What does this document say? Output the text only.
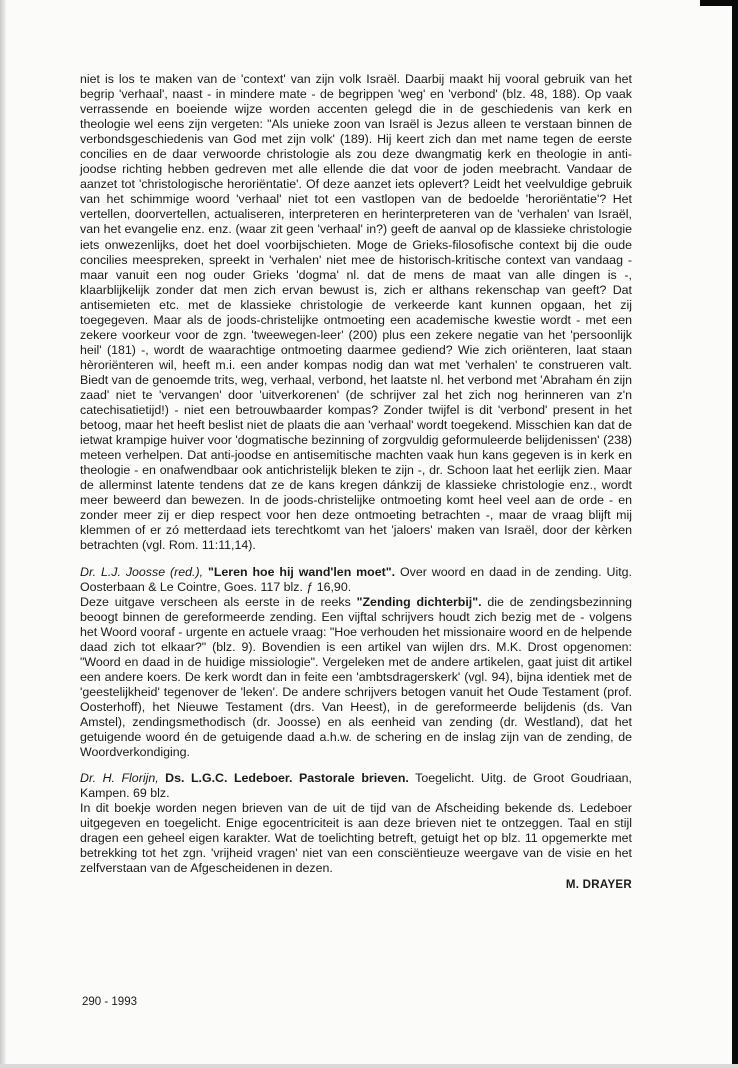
niet is los te maken van de 'context' van zijn volk Israël. Daarbij maakt hij vooral gebruik van het begrip 'verhaal', naast - in mindere mate - de begrippen 'weg' en 'verbond' (blz. 48, 188). Op vaak verrassende en boeiende wijze worden accenten gelegd die in de geschiedenis van kerk en theologie wel eens zijn vergeten: "Als unieke zoon van Israël is Jezus alleen te verstaan binnen de verbondsgeschiedenis van God met zijn volk' (189). Hij keert zich dan met name tegen de eerste concilies en de daar verwoorde christologie als zou deze dwangmatig kerk en theologie in anti-joodse richting hebben gedreven met alle ellende die dat voor de joden meebracht. Vandaar de aanzet tot 'christologische heroriëntatie'. Of deze aanzet iets oplevert? Leidt het veelvuldige gebruik van het schimmige woord 'verhaal' niet tot een vastlopen van de bedoelde 'heroriëntatie'? Het vertellen, doorvertellen, actualiseren, interpreteren en herinterpreteren van de 'verhalen' van Israël, van het evangelie enz. enz. (waar zit geen 'verhaal' in?) geeft de aanval op de klassieke christologie iets onwezenlijks, doet het doel voorbijschieten. Moge de Grieks-filosofische context bij die oude concilies meespreken, spreekt in 'verhalen' niet mee de historisch-kritische context van vandaag - maar vanuit een nog ouder Grieks 'dogma' nl. dat de mens de maat van alle dingen is -, klaarblijkelijk zonder dat men zich ervan bewust is, zich er althans rekenschap van geeft? Dat antisemieten etc. met de klassieke christologie de verkeerde kant kunnen opgaan, het zij toegegeven. Maar als de joods-christelijke ontmoeting een academische kwestie wordt - met een zekere voorkeur voor de zgn. 'tweewegen-leer' (200) plus een zekere negatie van het 'persoonlijk heil' (181) -, wordt de waarachtige ontmoeting daarmee gediend? Wie zich oriënteren, laat staan hèroriënteren wil, heeft m.i. een ander kompas nodig dan wat met 'verhalen' te construeren valt. Biedt van de genoemde trits, weg, verhaal, verbond, het laatste nl. het verbond met 'Abraham én zijn zaad' niet te 'vervangen' door 'uitverkorenen' (de schrijver zal het zich nog herinneren van z'n catechisatietijd!) - niet een betrouwbaarder kompas? Zonder twijfel is dit 'verbond' present in het betoog, maar het heeft beslist niet de plaats die aan 'verhaal' wordt toegekend. Misschien kan dat de ietwat krampige huiver voor 'dogmatische bezinning of zorgvuldig geformuleerde belijdenissen' (238) meteen verhelpen. Dat anti-joodse en antisemitische machten vaak hun kans gegeven is in kerk en theologie - en onafwendbaar ook antichristelijk bleken te zijn -, dr. Schoon laat het eerlijk zien. Maar de allerminst latente tendens dat ze de kans kregen dánkzij de klassieke christologie enz., wordt meer beweerd dan bewezen. In de joods-christelijke ontmoeting komt heel veel aan de orde - en zonder meer zij er diep respect voor hen deze ontmoeting betrachten -, maar de vraag blijft mij klemmen of er zó metterdaad iets terechtkomt van het 'jaloers' maken van Israël, door der kèrken betrachten (vgl. Rom. 11:11,14).

Dr. L.J. Joosse (red.), "Leren hoe hij wand'len moet". Over woord en daad in de zending. Uitg. Oosterbaan & Le Cointre, Goes. 117 blz. ƒ 16,90.

Deze uitgave verscheen als eerste in de reeks "Zending dichterbij". die de zendingsbezinning beoogt binnen de gereformeerde zending. Een vijftal schrijvers houdt zich bezig met de - volgens het Woord vooraf - urgente en actuele vraag: "Hoe verhouden het missionaire woord en de helpende daad zich tot elkaar?" (blz. 9). Bovendien is een artikel van wijlen drs. M.K. Drost opgenomen: "Woord en daad in de huidige missiologie". Vergeleken met de andere artikelen, gaat juist dit artikel een andere koers. De kerk wordt dan in feite een 'ambtsdragerskerk' (vgl. 94), bijna identiek met de 'geestelijkheid' tegenover de 'leken'. De andere schrijvers betogen vanuit het Oude Testament (prof. Oosterhoff), het Nieuwe Testament (drs. Van Heest), in de gereformeerde belijdenis (ds. Van Amstel), zendingsmethodisch (dr. Joosse) en als eenheid van zending (dr. Westland), dat het getuigende woord én de getuigende daad a.h.w. de schering en de inslag zijn van de zending, de Woordverkondiging.

Dr. H. Florijn, Ds. L.G.C. Ledeboer. Pastorale brieven. Toegelicht. Uitg. de Groot Goudriaan, Kampen. 69 blz.

In dit boekje worden negen brieven van de uit de tijd van de Afscheiding bekende ds. Ledeboer uitgegeven en toegelicht. Enige egocentriciteit is aan deze brieven niet te ontzeggen. Taal en stijl dragen een geheel eigen karakter. Wat de toelichting betreft, getuigt het op blz. 11 opgemerkte met betrekking tot het zgn. 'vrijheid vragen' niet van een consciëntieuze weergave van de visie en het zelfverstaan van de Afgescheidenen in dezen.

M. DRAYER
290 - 1993
